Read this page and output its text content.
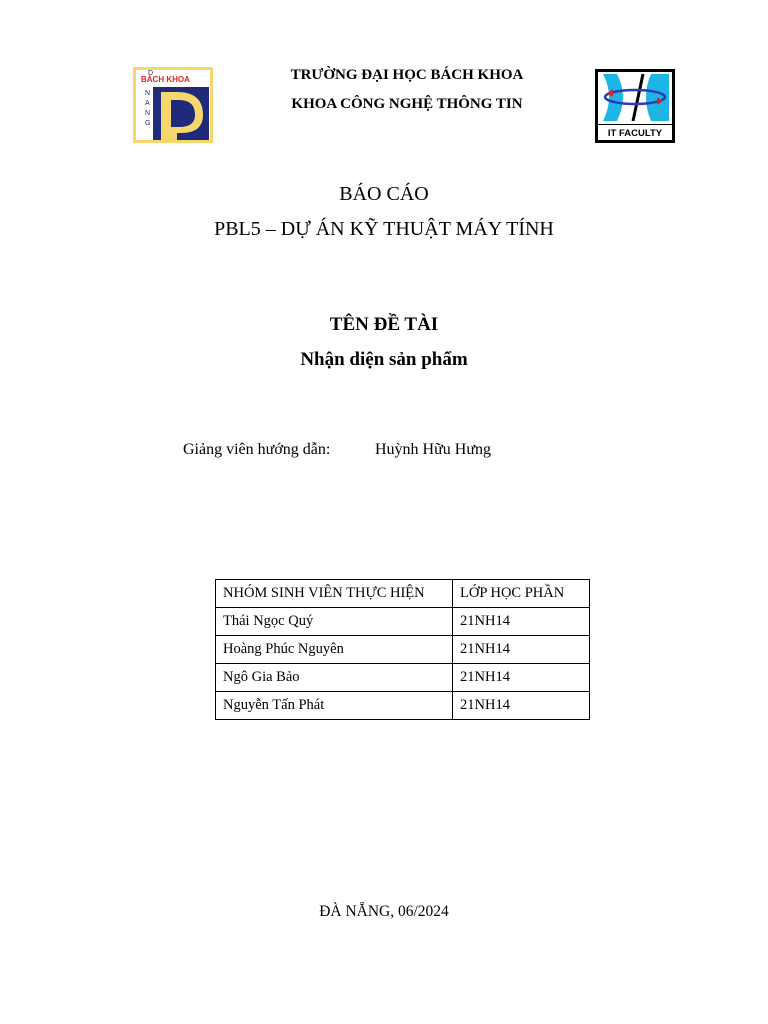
D
BÁCH KHOA
N
A
N
G
TRƯỜNG ĐẠI HỌC BÁCH KHOA
KHOA CÔNG NGHỆ THÔNG TIN
IT FACULTY
BÁO CÁO
PBL5 – DỰ ÁN KỸ THUẬT MÁY TÍNH
TÊN ĐỀ TÀI
Nhận diện sản phẩm
Giảng viên hướng dẫn:	Huỳnh Hữu Hưng
NHÓM SINH VIÊN THỰC HIỆN	LỚP HỌC PHẦN
Thái Ngọc Quý	21NH14
Hoàng Phúc Nguyên	21NH14
Ngô Gia Bảo	21NH14
Nguyễn Tấn Phát	21NH14
ĐÀ NẴNG, 06/2024
